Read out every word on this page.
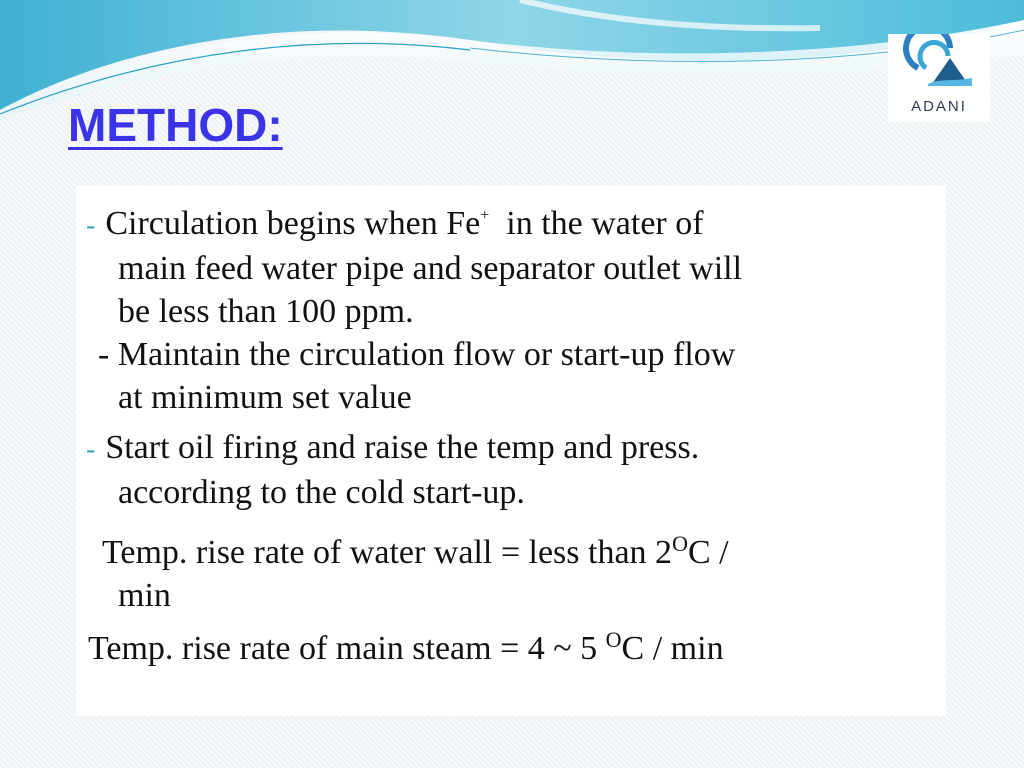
ADANI
METHOD:
- Circulation begins when Fe+  in the water of
main feed water pipe and separator outlet will
be less than 100 ppm.
- Maintain the circulation flow or start-up flow
at minimum set value
- Start oil firing and raise the temp and press.
according to the cold start-up.
Temp. rise rate of water wall = less than $2^OC$ /
min
Temp. rise rate of main steam = 4 ~ 5 $^O$C / min
